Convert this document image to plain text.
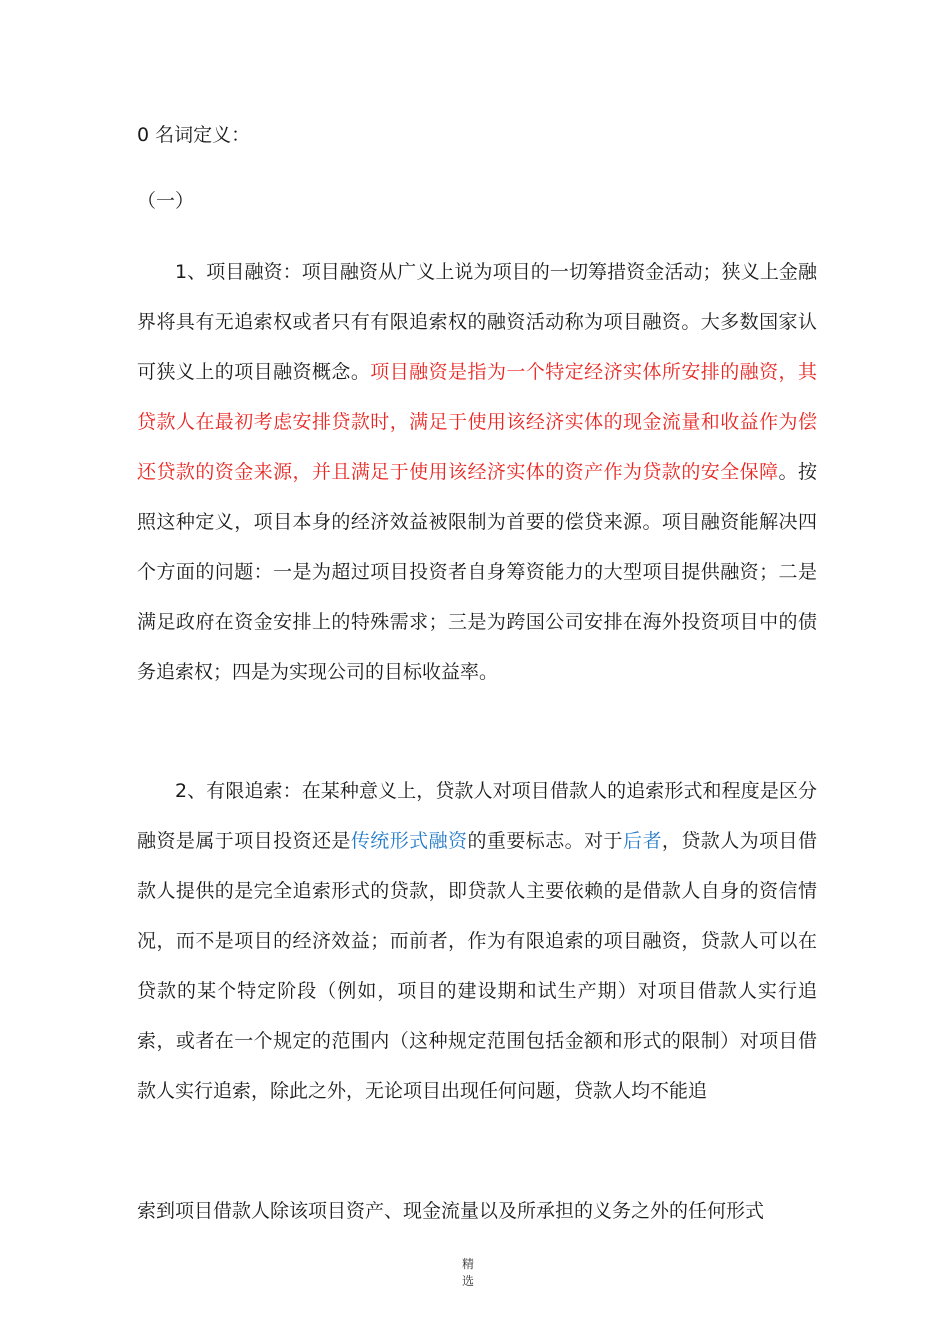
0 名词定义：
（一）

1、项目融资：项目融资从广义上说为项目的一切筹措资金活动；狭义上金融界将具有无追索权或者只有有限追索权的融资活动称为项目融资。大多数国家认可狭义上的项目融资概念。项目融资是指为一个特定经济实体所安排的融资，其贷款人在最初考虑安排贷款时，满足于使用该经济实体的现金流量和收益作为偿还贷款的资金来源，并且满足于使用该经济实体的资产作为贷款的安全保障。按照这种定义，项目本身的经济效益被限制为首要的偿贷来源。项目融资能解决四个方面的问题：一是为超过项目投资者自身筹资能力的大型项目提供融资；二是满足政府在资金安排上的特殊需求；三是为跨国公司安排在海外投资项目中的债务追索权；四是为实现公司的目标收益率。

2、有限追索：在某种意义上，贷款人对项目借款人的追索形式和程度是区分融资是属于项目投资还是传统形式融资的重要标志。对于后者，贷款人为项目借款人提供的是完全追索形式的贷款，即贷款人主要依赖的是借款人自身的资信情况，而不是项目的经济效益；而前者，作为有限追索的项目融资，贷款人可以在贷款的某个特定阶段（例如，项目的建设期和试生产期）对项目借款人实行追索，或者在一个规定的范围内（这种规定范围包括金额和形式的限制）对项目借款人实行追索，除此之外，无论项目出现任何问题，贷款人均不能追

索到项目借款人除该项目资产、现金流量以及所承担的义务之外的任何形式

精
选
